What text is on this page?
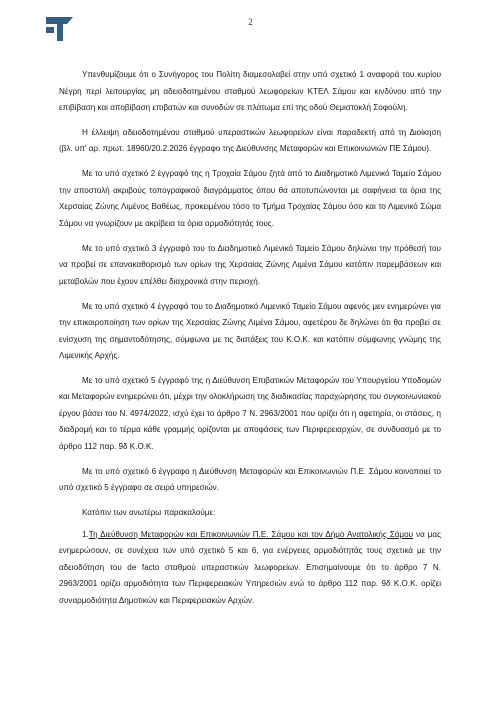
2

Υπενθυμίζουμε ότι ο Συνήγορος του Πολίτη διαμεσολαβεί στην υπό σχετικό 1 αναφορά του κυρίου Νέγρη περί λειτουργίας μη αδειοδοτημένου σταθμού λεωφορείων ΚΤΕΛ Σάμου και κινδύνου από την επιβίβαση και αποβίβαση επιβατών και συνοδών σε πλάτωμα επί της οδού Θεμιστοκλή Σοφούλη.

Η έλλειψη αδειοδοτημένου σταθμού υπεραστικών λεωφορείων είναι παραδεκτή από τη Διοίκηση (βλ. υπ' αρ. πρωτ. 18960/20.2.2026 έγγραφο της Διεύθυνσης Μεταφορών και Επικοινωνιών ΠΕ Σάμου).

Με το υπό σχετικό 2 έγγραφό της η Τροχαία Σάμου ζητά από το Διαδημοτικό Λιμενικό Ταμείο Σάμου την αποστολή ακριβούς τοπογραφικού διαγράμματος όπου θα αποτυπώνονται με σαφήνεια τα όρια της Χερσαίας Ζώνης Λιμένος Βαθέως, προκειμένου τόσο το Τμήμα Τροχαίας Σάμου όσο και το Λιμενικό Σώμα Σάμου να γνωρίζουν με ακρίβεια τα όρια αρμοδιότητάς τους.

Με το υπό σχετικό 3 έγγραφό του το Διαδημοτικό Λιμενικό Ταμείο Σάμου δηλώνει την πρόθεσή του να προβεί σε επανακαθορισμό των ορίων της Χερσαίας Ζώνης Λιμένα Σάμου κατόπιν παρεμβάσεων και μεταβολών που έχουν επέλθει διαχρονικά στην περιοχή.

Με το υπό σχετικό 4 έγγραφό του το Διαδημοτικό Λιμενικό Ταμείο Σάμου αφενός μεν ενημερώνει για την επικαιροποίηση των ορίων της Χερσαίας Ζώνης Λιμένα Σάμου, αφετέρου δε δηλώνει ότι θα προβεί σε ενίσχυση της σημαντοδότησης, σύμφωνα με τις διατάξεις του Κ.Ο.Κ. και κατόπιν σύμφωνης γνώμης της Λιμενικής Αρχής.

Με το υπό σχετικό 5 έγγραφό της η Διεύθυνση Επιβατικών Μεταφορών του Υπουργείου Υποδομών και Μεταφορών ενημερώνει ότι, μέχρι την ολοκλήρωση της διαδικασίας παραχώρησης του συγκοινωνιακού έργου βάσει του Ν. 4974/2022, ισχύ έχει το άρθρο 7 Ν. 2963/2001 που ορίζει ότι η αφετηρία, οι στάσεις, η διαδρομή και το τέρμα κάθε γραμμής ορίζονται με αποφάσεις των Περιφερειαρχών, σε συνδυασμό με το άρθρο 112 παρ. 9δ Κ.Ο.Κ.

Με το υπό σχετικό 6 έγγραφο η Διεύθυνση Μεταφορών και Επικοινωνιών Π.Ε. Σάμου κοινοποιεί το υπό σχετικό 5 έγγραφο σε σειρά υπηρεσιών.

Κατόπιν των ανωτέρω παρακαλούμε:

1.Τη Διεύθυνση Μεταφορών και Επικοινωνιών Π.Ε. Σάμου και τον Δήμο Ανατολικής Σάμου να μας ενημερώσουν, σε συνέχεια των υπό σχετικό 5 και 6, για ενέργειες αρμοδιότητάς τους σχετικά με την αδειοδότηση του de facto σταθμού υπεραστικών λεωφορείων. Επισημαίνουμε ότι το άρθρο 7 Ν. 2963/2001 ορίζει αρμοδιότητα των Περιφερειακών Υπηρεσιών ενώ το άρθρο 112 παρ. 9δ Κ.Ο.Κ. ορίζει συναρμοδιότητα Δημοτικών και Περιφερειακών Αρχών.
